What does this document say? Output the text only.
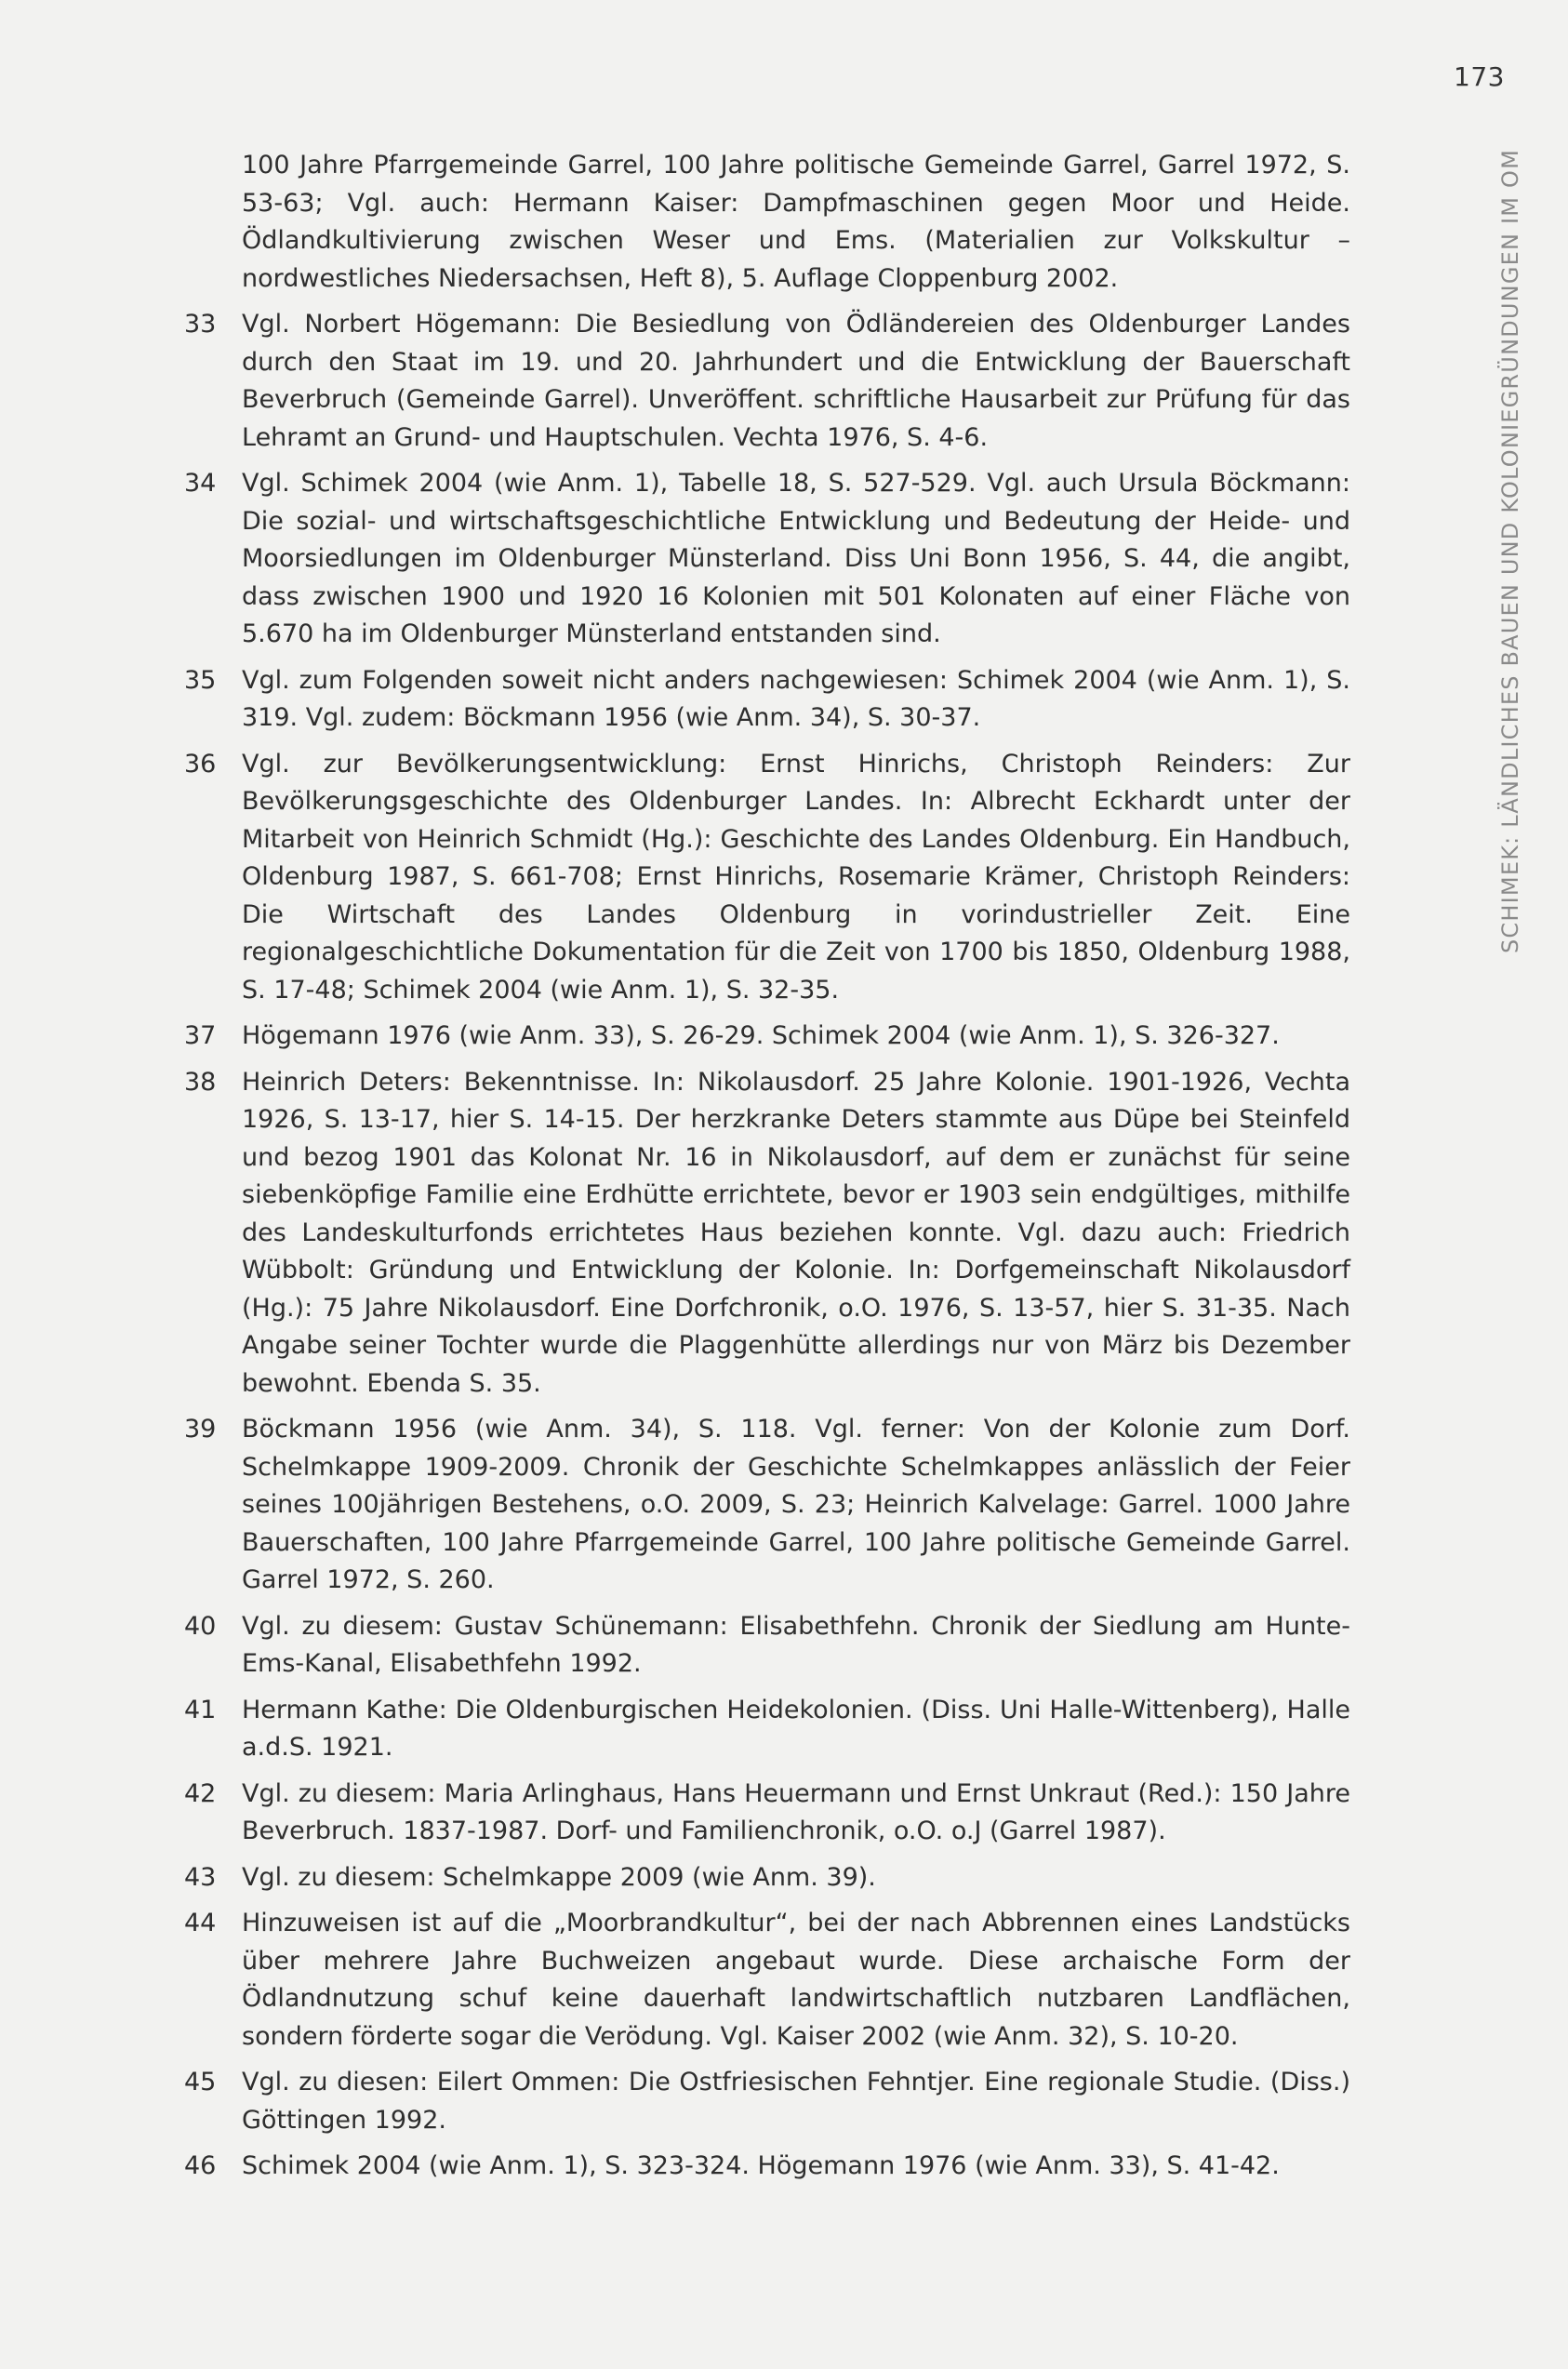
173
SCHIMEK: LÄNDLICHES BAUEN UND KOLONIEGRÜNDUNGEN IM OM
100 Jahre Pfarrgemeinde Garrel, 100 Jahre politische Gemeinde Garrel, Garrel 1972, S. 53-63; Vgl. auch: Hermann Kaiser: Dampfmaschinen gegen Moor und Heide. Ödlandkultivierung zwischen Weser und Ems. (Materialien zur Volkskultur – nordwestliches Niedersachsen, Heft 8), 5. Auflage Cloppenburg 2002.
33 Vgl. Norbert Högemann: Die Besiedlung von Ödländereien des Oldenburger Landes durch den Staat im 19. und 20. Jahrhundert und die Entwicklung der Bauerschaft Beverbruch (Gemeinde Garrel). Unveröffent. schriftliche Hausarbeit zur Prüfung für das Lehramt an Grund- und Hauptschulen. Vechta 1976, S. 4-6.
34 Vgl. Schimek 2004 (wie Anm. 1), Tabelle 18, S. 527-529. Vgl. auch Ursula Böckmann: Die sozial- und wirtschaftsgeschichtliche Entwicklung und Bedeutung der Heide- und Moorsiedlungen im Oldenburger Münsterland. Diss Uni Bonn 1956, S. 44, die angibt, dass zwischen 1900 und 1920 16 Kolonien mit 501 Kolonaten auf einer Fläche von 5.670 ha im Oldenburger Münsterland entstanden sind.
35 Vgl. zum Folgenden soweit nicht anders nachgewiesen: Schimek 2004 (wie Anm. 1), S. 319. Vgl. zudem: Böckmann 1956 (wie Anm. 34), S. 30-37.
36 Vgl. zur Bevölkerungsentwicklung: Ernst Hinrichs, Christoph Reinders: Zur Bevölkerungsgeschichte des Oldenburger Landes. In: Albrecht Eckhardt unter der Mitarbeit von Heinrich Schmidt (Hg.): Geschichte des Landes Oldenburg. Ein Handbuch, Oldenburg 1987, S. 661-708; Ernst Hinrichs, Rosemarie Krämer, Christoph Reinders: Die Wirtschaft des Landes Oldenburg in vorindustrieller Zeit. Eine regionalgeschichtliche Dokumentation für die Zeit von 1700 bis 1850, Oldenburg 1988, S. 17-48; Schimek 2004 (wie Anm. 1), S. 32-35.
37 Högemann 1976 (wie Anm. 33), S. 26-29. Schimek 2004 (wie Anm. 1), S. 326-327.
38 Heinrich Deters: Bekenntnisse. In: Nikolausdorf. 25 Jahre Kolonie. 1901-1926, Vechta 1926, S. 13-17, hier S. 14-15. Der herzkranke Deters stammte aus Düpe bei Steinfeld und bezog 1901 das Kolonat Nr. 16 in Nikolausdorf, auf dem er zunächst für seine siebenköpfige Familie eine Erdhütte errichtete, bevor er 1903 sein endgültiges, mithilfe des Landeskulturfonds errichtetes Haus beziehen konnte. Vgl. dazu auch: Friedrich Wübbolt: Gründung und Entwicklung der Kolonie. In: Dorfgemeinschaft Nikolausdorf (Hg.): 75 Jahre Nikolausdorf. Eine Dorfchronik, o.O. 1976, S. 13-57, hier S. 31-35. Nach Angabe seiner Tochter wurde die Plaggenhütte allerdings nur von März bis Dezember bewohnt. Ebenda S. 35.
39 Böckmann 1956 (wie Anm. 34), S. 118. Vgl. ferner: Von der Kolonie zum Dorf. Schelmkappe 1909-2009. Chronik der Geschichte Schelmkappes anlässlich der Feier seines 100jährigen Bestehens, o.O. 2009, S. 23; Heinrich Kalvelage: Garrel. 1000 Jahre Bauerschaften, 100 Jahre Pfarrgemeinde Garrel, 100 Jahre politische Gemeinde Garrel. Garrel 1972, S. 260.
40 Vgl. zu diesem: Gustav Schünemann: Elisabethfehn. Chronik der Siedlung am Hunte-Ems-Kanal, Elisabethfehn 1992.
41 Hermann Kathe: Die Oldenburgischen Heidekolonien. (Diss. Uni Halle-Wittenberg), Halle a.d.S. 1921.
42 Vgl. zu diesem: Maria Arlinghaus, Hans Heuermann und Ernst Unkraut (Red.): 150 Jahre Beverbruch. 1837-1987. Dorf- und Familienchronik, o.O. o.J (Garrel 1987).
43 Vgl. zu diesem: Schelmkappe 2009 (wie Anm. 39).
44 Hinzuweisen ist auf die „Moorbrandkultur“, bei der nach Abbrennen eines Landstücks über mehrere Jahre Buchweizen angebaut wurde. Diese archaische Form der Ödlandnutzung schuf keine dauerhaft landwirtschaftlich nutzbaren Landflächen, sondern förderte sogar die Verödung. Vgl. Kaiser 2002 (wie Anm. 32), S. 10-20.
45 Vgl. zu diesen: Eilert Ommen: Die Ostfriesischen Fehntjer. Eine regionale Studie. (Diss.) Göttingen 1992.
46 Schimek 2004 (wie Anm. 1), S. 323-324. Högemann 1976 (wie Anm. 33), S. 41-42.
